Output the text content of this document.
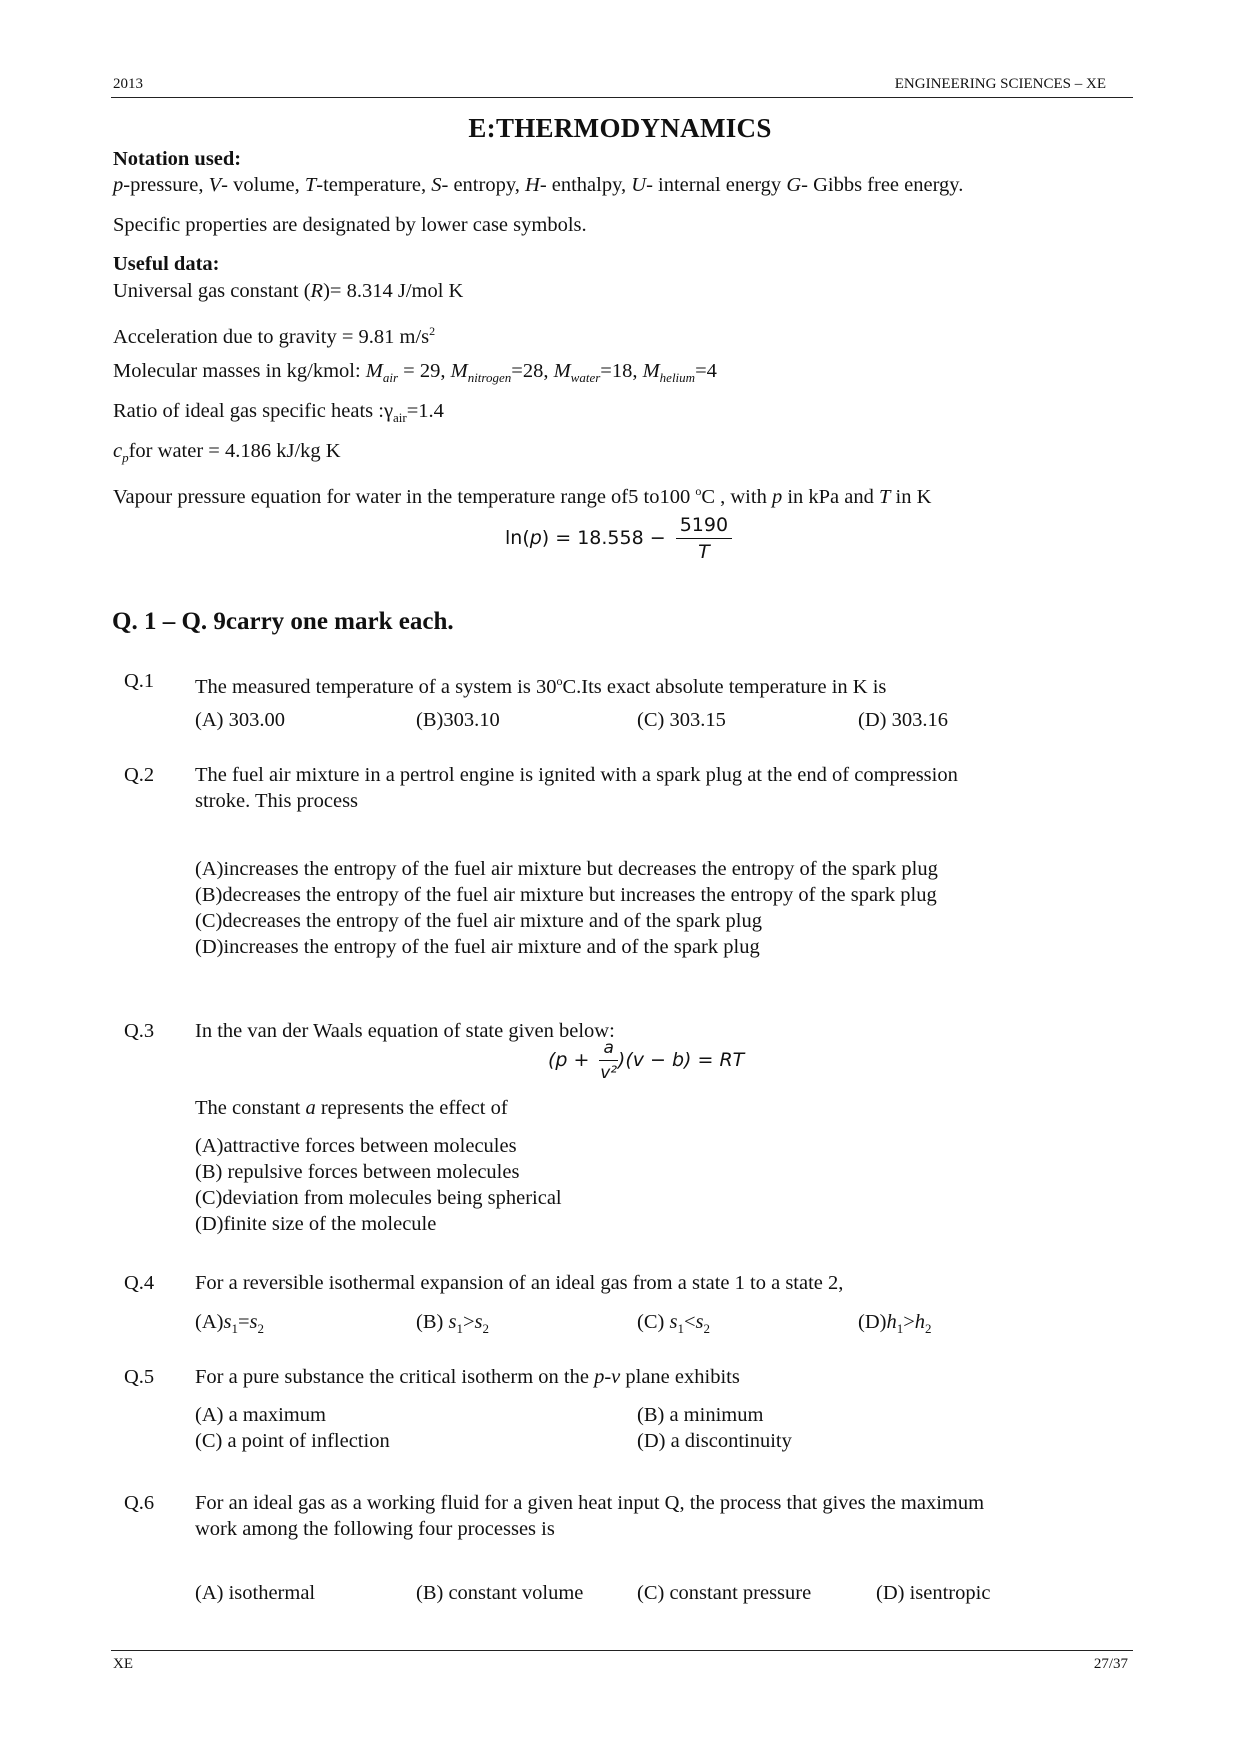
2013	ENGINEERING SCIENCES – XE
E:THERMODYNAMICS
Notation used:
p-pressure, V- volume, T-temperature, S- entropy, H- enthalpy, U- internal energy G- Gibbs free energy.
Specific properties are designated by lower case symbols.
Useful data:
Universal gas constant (R)= 8.314 J/mol K
Acceleration due to gravity = 9.81 $m/s^2$
Molecular masses in kg/kmol: $M_{air} = 29$, $M_{nitrogen}=28$, $M_{water}=18$, $M_{helium}=4$
Ratio of ideal gas specific heats $:\gamma_{air}=1.4$
$c_pfor$ water = 4.186 kJ/kg K
Vapour pressure equation for water in the temperature range of5 to100 $^o$C , with p in kPa and T in K
$\ln(p) = 18.558 - \frac{5190}{T}$
Q. 1 – Q. 9carry one mark each.
Q.1 The measured temperature of a system is 30$^o$C.Its exact absolute temperature in K is
(A) 303.00	(B)303.10	(C) 303.15	(D) 303.16
Q.2 The fuel air mixture in a pertrol engine is ignited with a spark plug at the end of compression
stroke. This process
(A)increases the entropy of the fuel air mixture but decreases the entropy of the spark plug
(B)decreases the entropy of the fuel air mixture but increases the entropy of the spark plug
(C)decreases the entropy of the fuel air mixture and of the spark plug
(D)increases the entropy of the fuel air mixture and of the spark plug
Q.3 In the van der Waals equation of state given below:
$(p + \frac{a}{\text{v²}} )(v - b)$ = RT
The constant a represents the effect of
(A)attractive forces between molecules
(B) repulsive forces between molecules
(C)deviation from molecules being spherical
(D)finite size of the molecule
Q.4 For a reversible isothermal expansion of an ideal gas from a state 1 to a state 2,
$(A)s_1=s_2$	(B) $s_1>s_2$	(C) $s_1<s_2$	$(D)h_1>h_2$
Q.5 For a pure substance the critical isotherm on the p-v plane exhibits
(A) a maximum	(B) a minimum
(C) a point of inflection	(D) a discontinuity
Q.6 For an ideal gas as a working fluid for a given heat input Q, the process that gives the maximum
work among the following four processes is
(A) isothermal	(B) constant volume	(C) constant pressure	(D) isentropic
XE	27/37
